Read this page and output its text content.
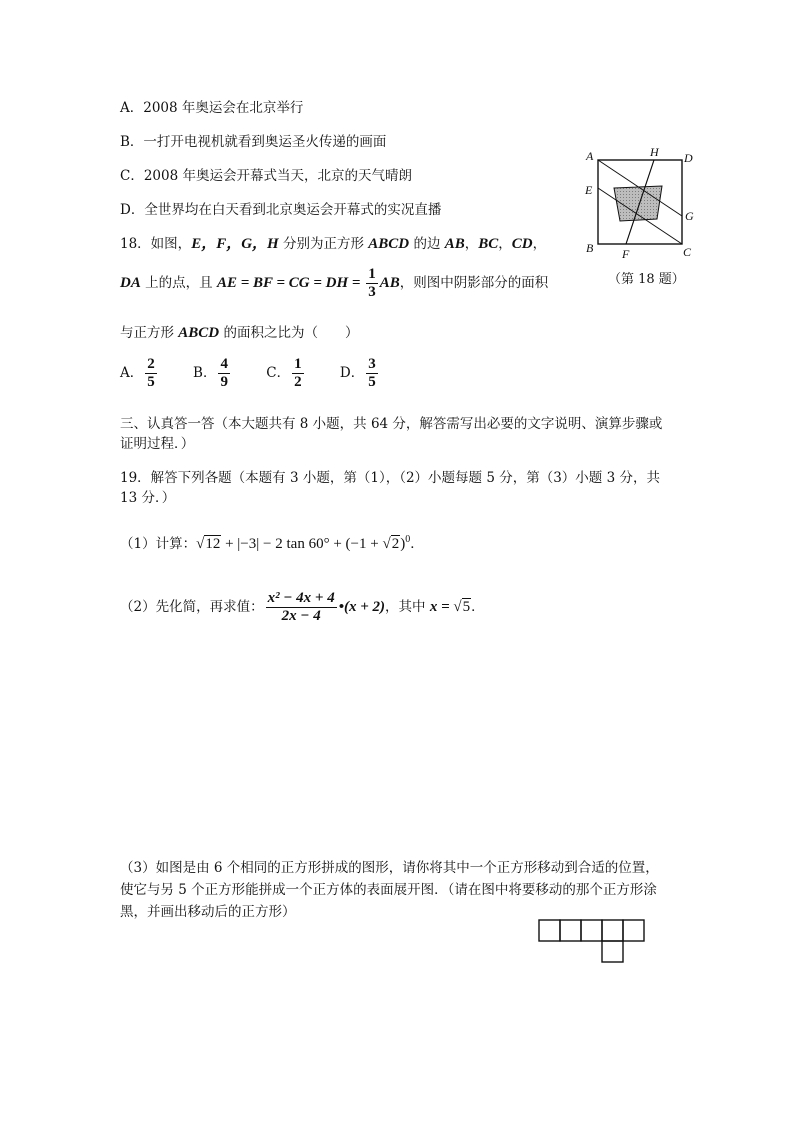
A．2008 年奥运会在北京举行
B．一打开电视机就看到奥运圣火传递的画面
C．2008 年奥运会开幕式当天，北京的天气晴朗
D．全世界均在白天看到北京奥运会开幕式的实况直播
18．如图，E，F，G，H 分别为正方形 ABCD 的边 AB，BC，CD，
DA 上的点，且 AE = BF = CG = DH = $\frac{1}{3}$ AB，则图中阴影部分的面积
与正方形 ABCD 的面积之比为（　　）
A． $\frac{2}{5}$	B． $\frac{4}{9}$	C． $\frac{1}{2}$	D． $\frac{3}{5}$
A	H D
E
G
B F	C
（第 18 题）
三、认真答一答（本大题共有 8 小题，共 64 分，解答需写出必要的文字说明、演算步骤或
证明过程．）
19．解答下列各题（本题有 3 小题，第（1），（2）小题每题 5 分，第（3）小题 3 分，共
13 分．）
（1）计算：√12 + |−3| − 2 $\tan 60^\circ + (-1 + √2)^0$．
（2）先化简，再求值： $\frac{\text{x² − 4x + 4}}{2x - 4}$ •(x + 2)，其中 x = √5．
（3）如图是由 6 个相同的正方形拼成的图形，请你将其中一个正方形移动到合适的位置，
使它与另 5 个正方形能拼成一个正方体的表面展开图．（请在图中将要移动的那个正方形涂
黑，并画出移动后的正方形）
